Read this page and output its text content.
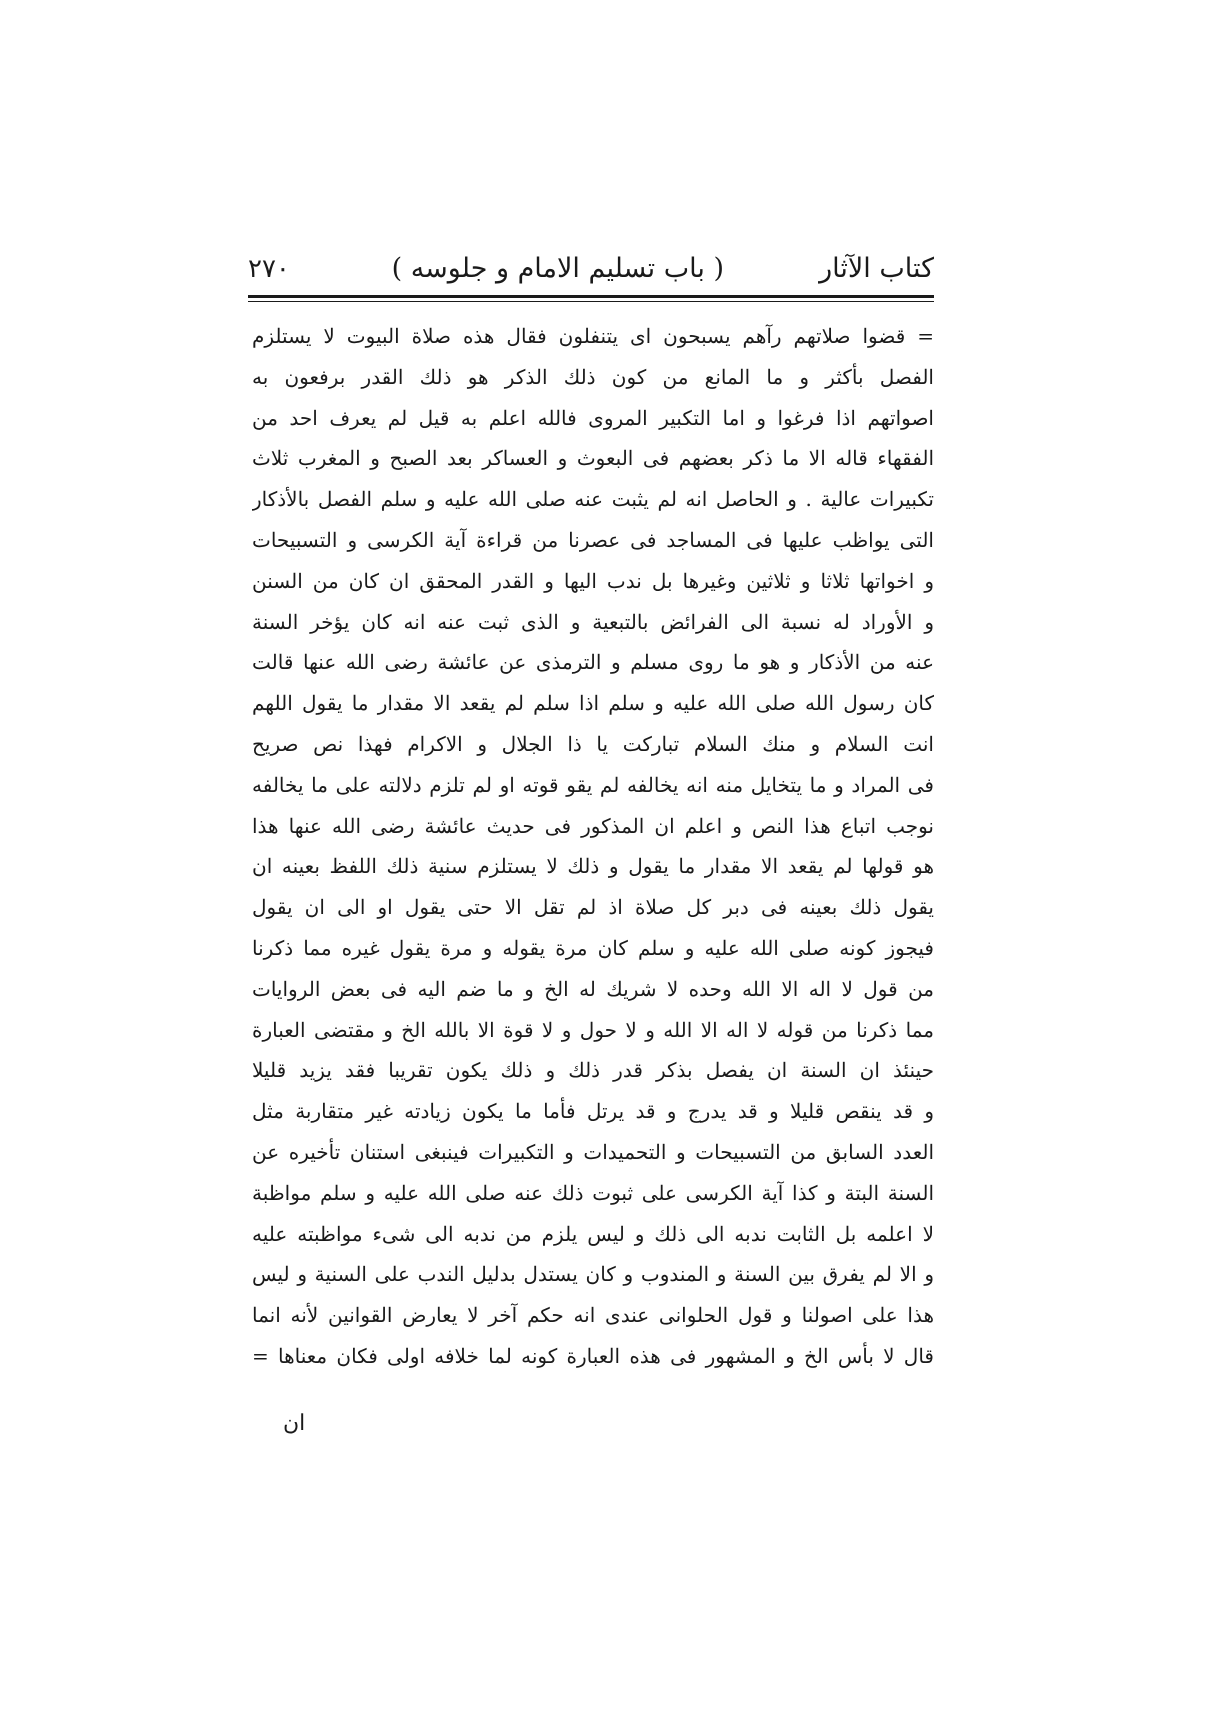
كتاب الآثار
( باب تسليم الامام و جلوسه )
٢٧٠
= قضوا صلاتهم رآهم يسبحون اى يتنفلون فقال هذه صلاة البيوت لا يستلزم
الفصل بأكثر و ما المانع من كون ذلك الذكر هو ذلك القدر برفعون به
اصواتهم اذا فرغوا و اما التكبير المروى فالله اعلم به قيل لم يعرف احد من
الفقهاء قاله الا ما ذكر بعضهم فى البعوث و العساكر بعد الصبح و المغرب ثلاث
تكبيرات عالية . و الحاصل انه لم يثبت عنه صلى الله عليه و سلم الفصل بالأذكار
التى يواظب عليها فى المساجد فى عصرنا من قراءة آية الكرسى و التسبيحات
و اخواتها ثلاثا و ثلاثين وغيرها بل ندب اليها و القدر المحقق ان كان من السنن
و الأوراد له نسبة الى الفرائض بالتبعية و الذى ثبت عنه انه كان يؤخر السنة
عنه من الأذكار و هو ما روى مسلم و الترمذى عن عائشة رضى الله عنها قالت
كان رسول الله صلى الله عليه و سلم اذا سلم لم يقعد الا مقدار ما يقول اللهم
انت السلام و منك السلام تباركت يا ذا الجلال و الاكرام فهذا نص صريح
فى المراد و ما يتخايل منه انه يخالفه لم يقو قوته او لم تلزم دلالته على ما يخالفه
نوجب اتباع هذا النص و اعلم ان المذكور فى حديث عائشة رضى الله عنها هذا
هو قولها لم يقعد الا مقدار ما يقول و ذلك لا يستلزم سنية ذلك اللفظ بعينه ان
يقول ذلك بعينه فى دبر كل صلاة اذ لم تقل الا حتى يقول او الى ان يقول
فيجوز كونه صلى الله عليه و سلم كان مرة يقوله و مرة يقول غيره مما ذكرنا
من قول لا اله الا الله وحده لا شريك له الخ و ما ضم اليه فى بعض الروايات
مما ذكرنا من قوله لا اله الا الله و لا حول و لا قوة الا بالله الخ و مقتضى العبارة
حينئذ ان السنة ان يفصل بذكر قدر ذلك و ذلك يكون تقريبا فقد يزيد قليلا
و قد ينقص قليلا و قد يدرج و قد يرتل فأما ما يكون زيادته غير متقاربة مثل
العدد السابق من التسبيحات و التحميدات و التكبيرات فينبغى استنان تأخيره عن
السنة البتة و كذا آية الكرسى على ثبوت ذلك عنه صلى الله عليه و سلم مواظبة
لا اعلمه بل الثابت ندبه الى ذلك و ليس يلزم من ندبه الى شىء مواظبته عليه
و الا لم يفرق بين السنة و المندوب و كان يستدل بدليل الندب على السنية و ليس
هذا على اصولنا و قول الحلوانى عندى انه حكم آخر لا يعارض القوانين لأنه انما
قال لا بأس الخ و المشهور فى هذه العبارة كونه لما خلافه اولى فكان معناها =
ان
